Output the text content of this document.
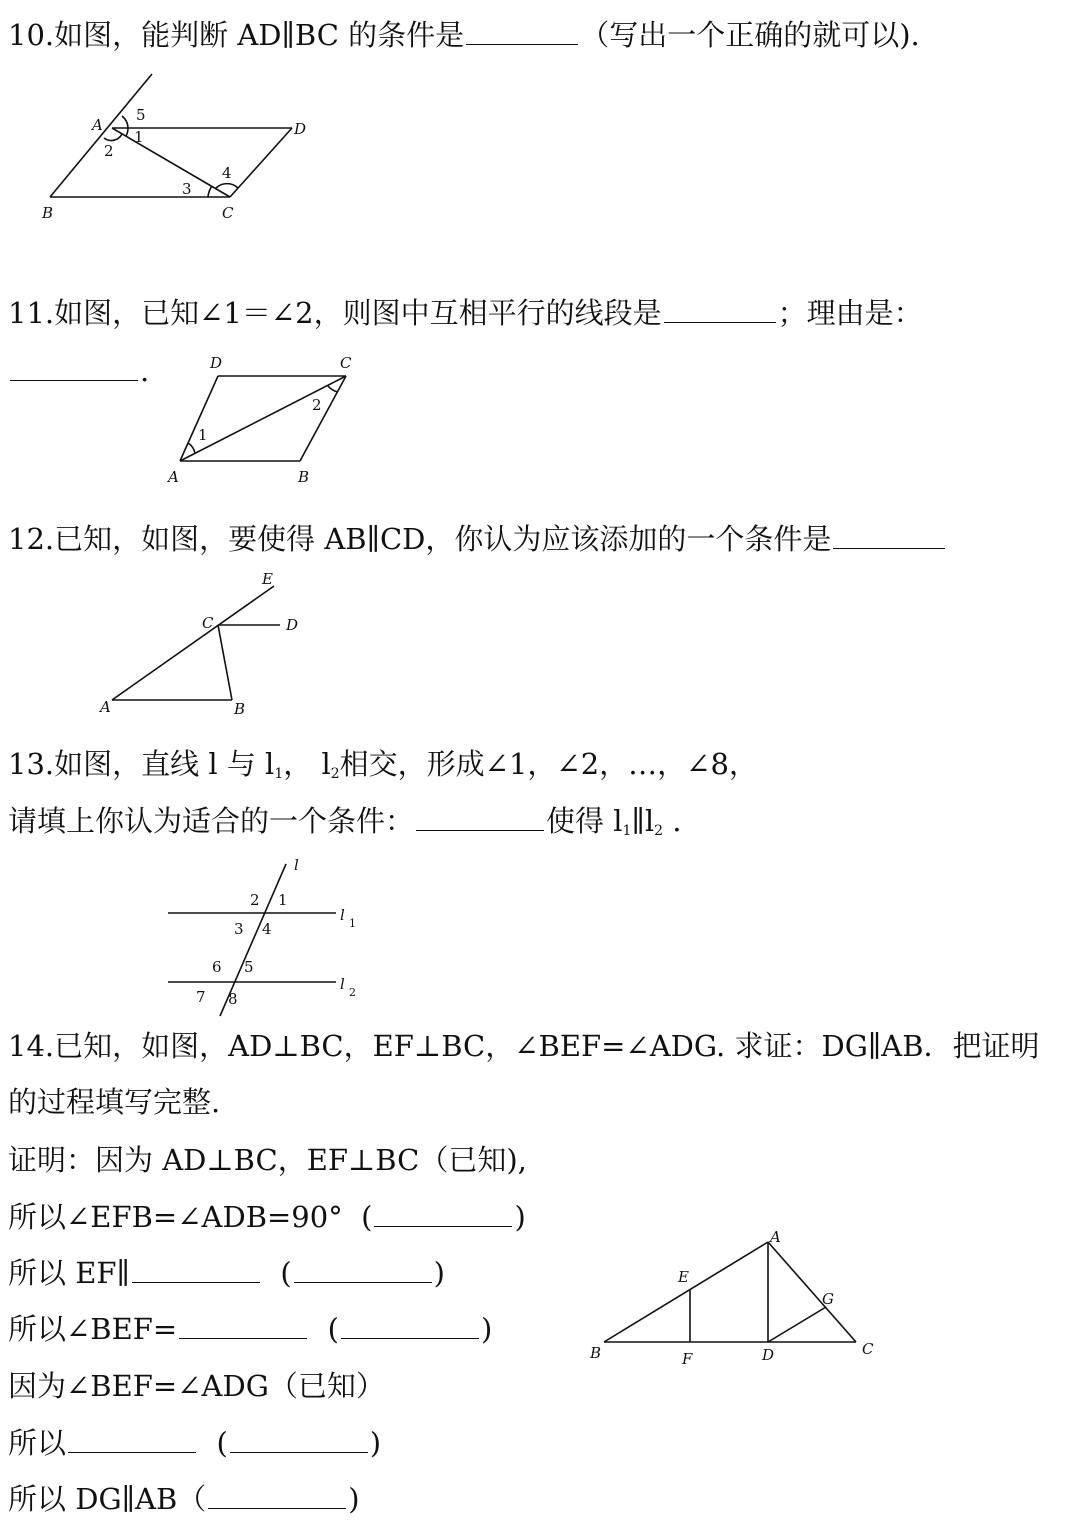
10.如图，能判断 AD∥BC 的条件是	（写出一个正确的就可以).
A
B	C
D
1
2
3
4
5
11.如图，已知∠1＝∠2，则图中互相平行的线段是	；理由是：
.
A	B
C
D
1
2
12.已知，如图，要使得 AB∥CD，你认为应该添加的一个条件是
A	B
C	D
E
13.如图，直线 l 与 $l_1$， $l_2$相交，形成∠1，∠2，…，∠8，
请填上你认为适合的一个条件：	使得 $l_1\parallel l_2$ .
l
l 1
l 2
1
2
3 4
5
6
7 8
14.已知，如图，AD⊥BC，EF⊥BC，∠BEF=∠ADG. 求证：DG∥AB．把证明
的过程填写完整.
证明：因为 AD⊥BC，EF⊥BC（已知),
所以∠EFB=∠ADB=90°  (	)
所以 EF∥	(	)
所以∠BEF=	(	)
因为∠BEF=∠ADG（已知）
所以	(	)
所以 DG∥AB（	)
B
A
C
D
E
F
G
